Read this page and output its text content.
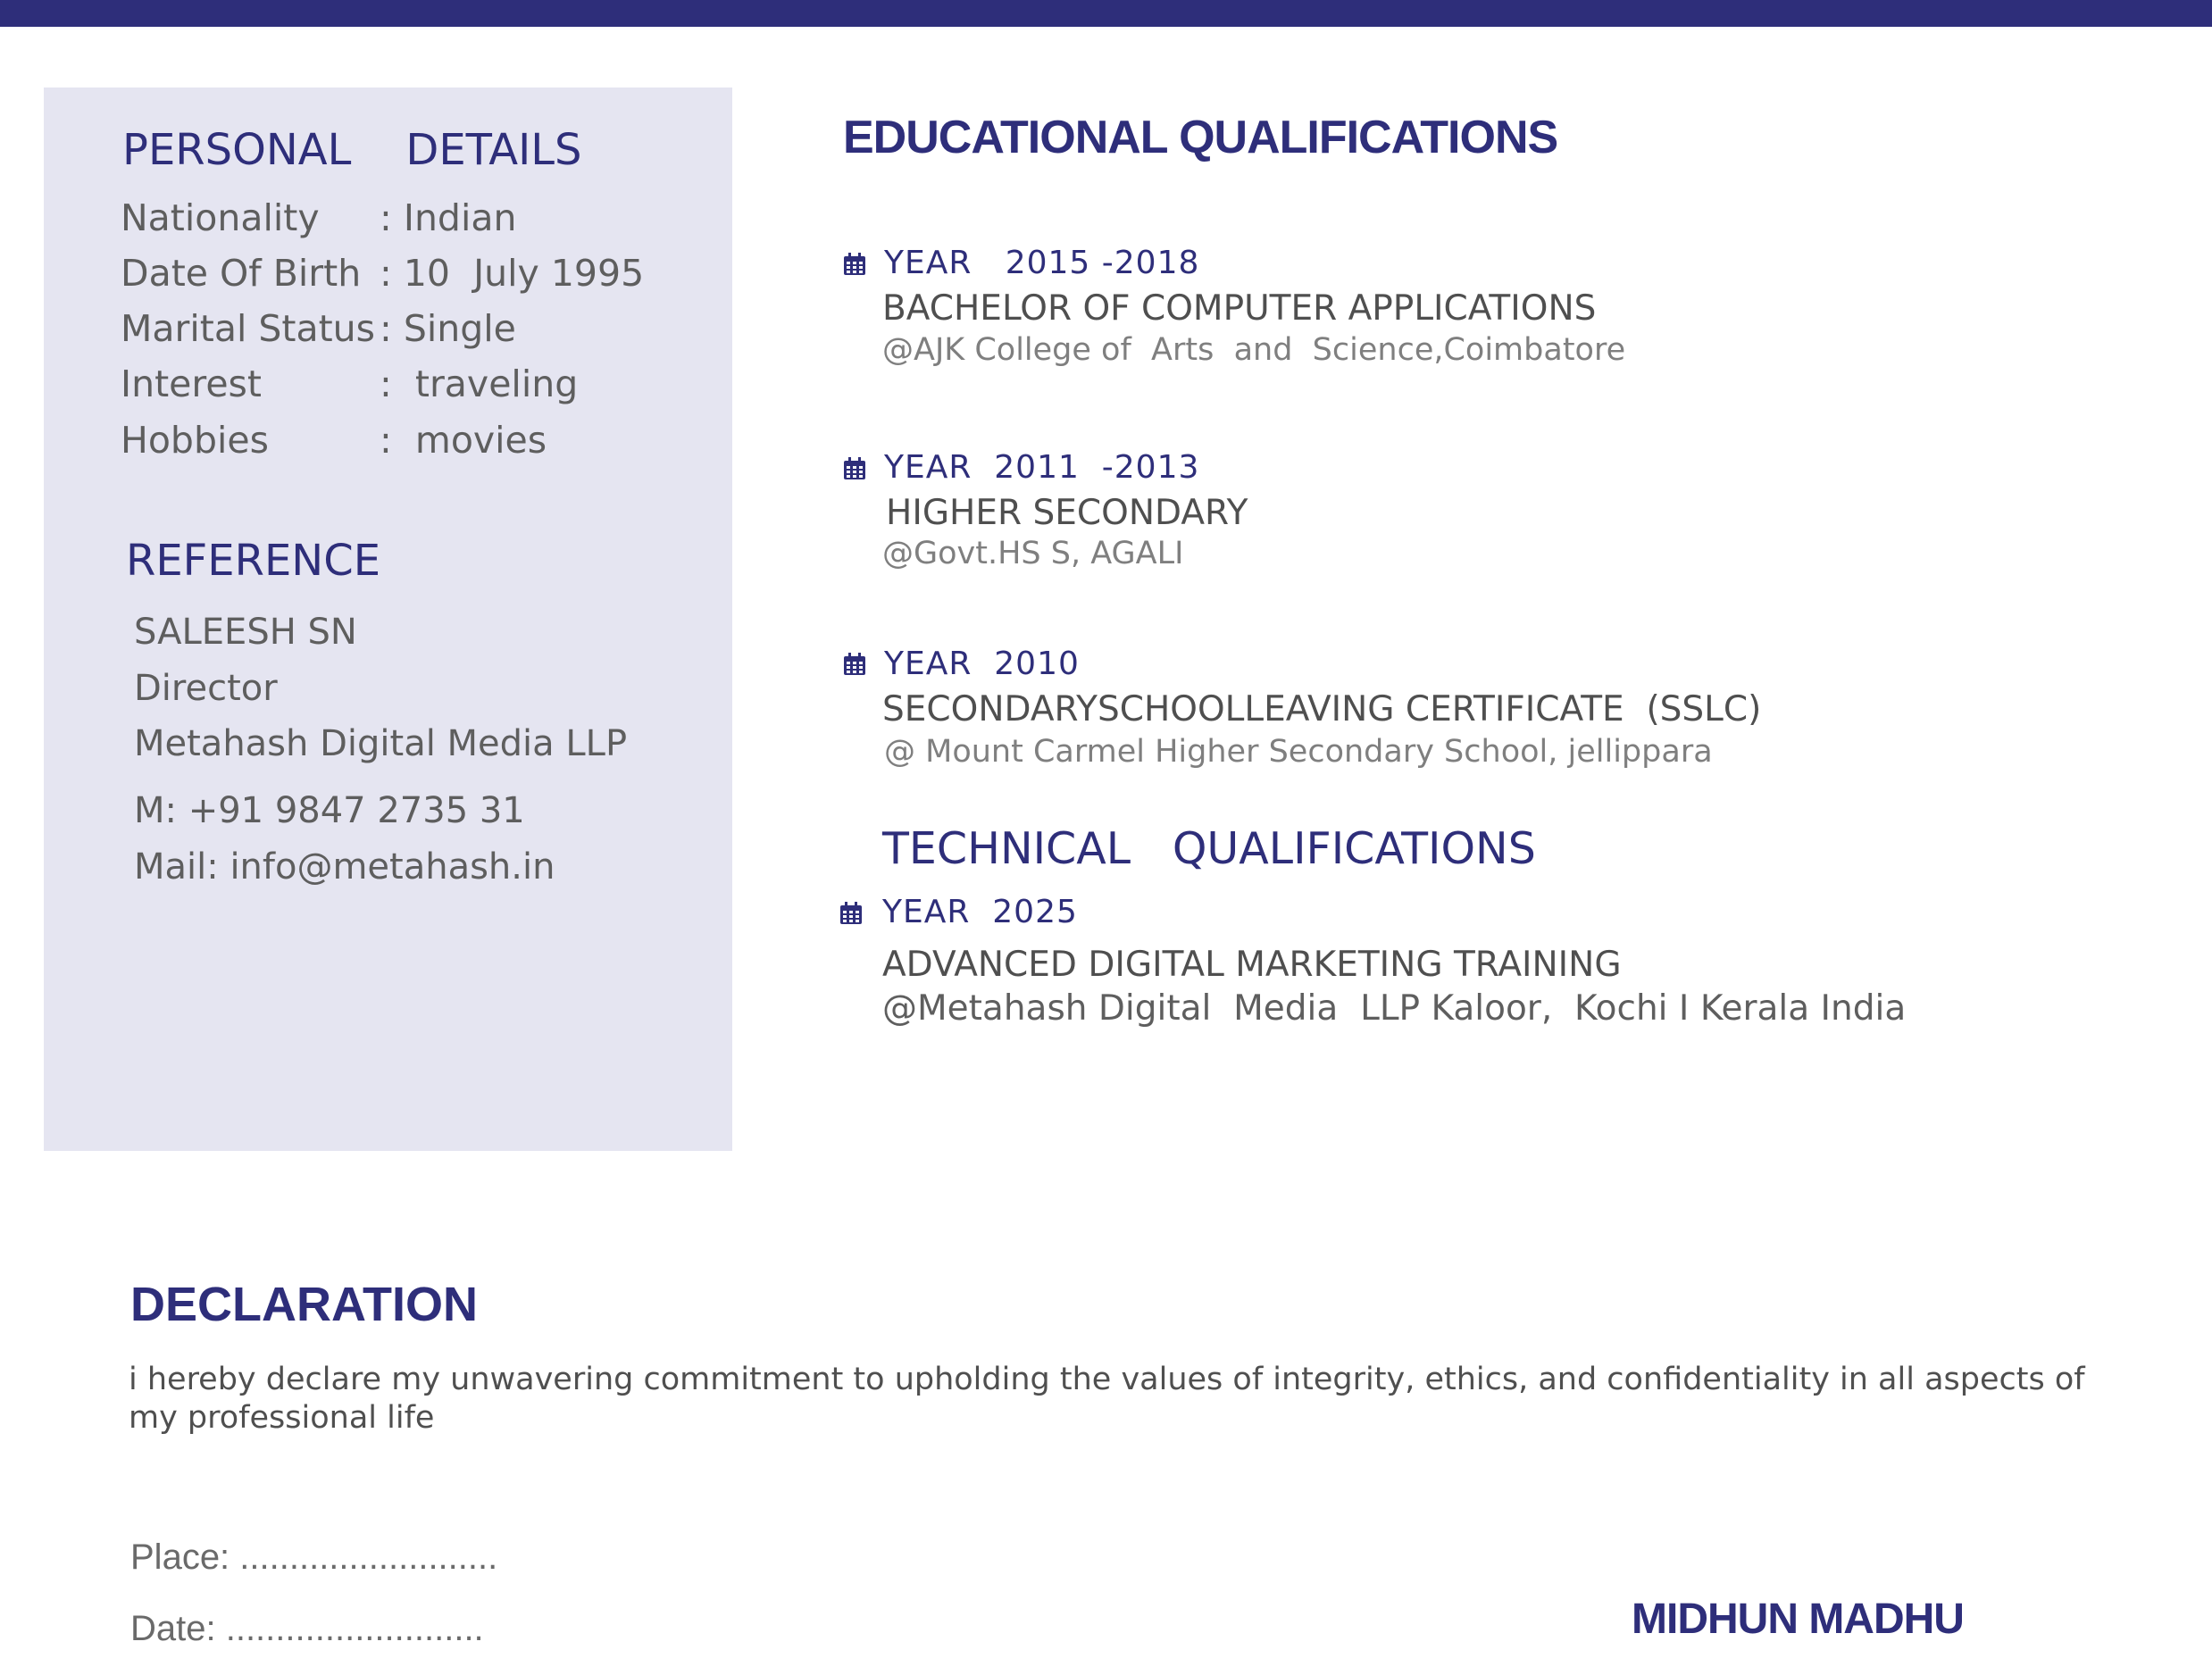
PERSONAL    DETAILS
Nationality : Indian
Date Of Birth : 10  July 1995
Marital Status : Single
Interest	:  traveling
Hobbies	:  movies
REFERENCE
SALEESH SN
Director
Metahash Digital Media LLP
M: +91 9847 2735 31
Mail: info@metahash.in
EDUCATIONAL QUALIFICATIONS
YEAR   2015 -2018
BACHELOR OF COMPUTER APPLICATIONS
@AJK College of  Arts  and  Science,Coimbatore
YEAR  2011  -2013
HIGHER SECONDARY
@Govt.HS S, AGALI
YEAR  2010
SECONDARYSCHOOLLEAVING CERTIFICATE  (SSLC)
@ Mount Carmel Higher Secondary School, jellippara
TECHNICAL   QUALIFICATIONS
YEAR  2025
ADVANCED DIGITAL MARKETING TRAINING
@Metahash Digital  Media  LLP Kaloor,  Kochi I Kerala India
DECLARATION
i hereby declare my unwavering commitment to upholding the values of integrity, ethics, and confidentiality in all aspects of my professional life
Place: ..........................
Date: ..........................	MIDHUN MADHU
